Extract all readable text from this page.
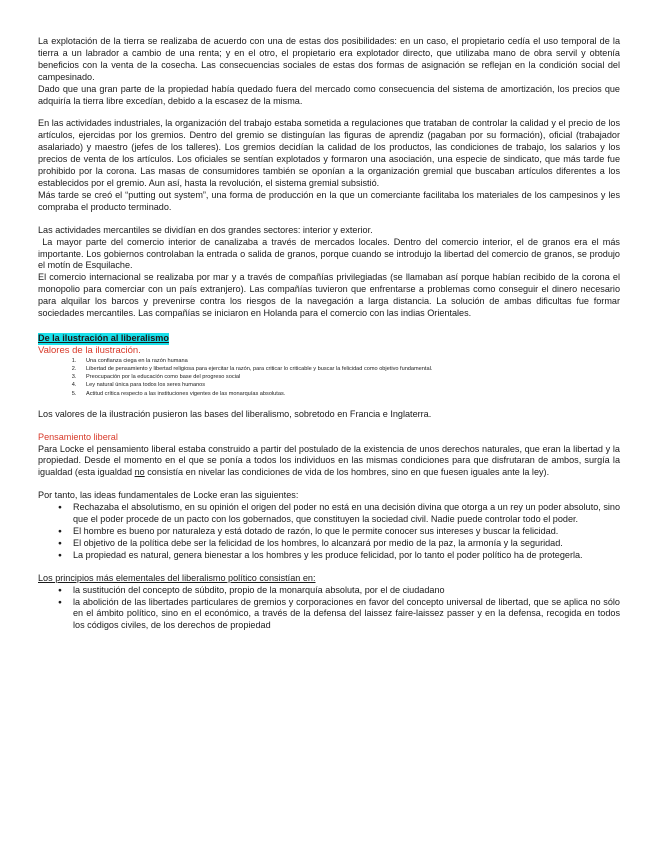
La explotación de la tierra se realizaba de acuerdo con una de estas dos posibilidades: en un caso, el propietario cedía el uso temporal de la tierra a un labrador a cambio de una renta; y en el otro, el propietario era explotador directo, que utilizaba mano de obra servil y obtenía beneficios con la venta de la cosecha. Las consecuencias sociales de estas dos formas de asignación se reflejan en la condición social del campesinado.

Dado que una gran parte de la propiedad había quedado fuera del mercado como consecuencia del sistema de amortización, los precios que adquiría la tierra libre excedían, debido a la escasez de la misma.

En las actividades industriales, la organización del trabajo estaba sometida a regulaciones que trataban de controlar la calidad y el precio de los artículos, ejercidas por los gremios. Dentro del gremio se distinguían las figuras de aprendiz (pagaban por su formación), oficial (trabajador asalariado) y maestro (jefes de los talleres). Los gremios decidían la calidad de los productos, las condiciones de trabajo, los salarios y los precios de venta de los artículos. Los oficiales se sentían explotados y formaron una asociación, una especie de sindicato, que más tarde fue prohibido por la corona. Las masas de consumidores también se oponían a la organización gremial que buscaban artículos diferentes a los establecidos por el gremio. Aun así, hasta la revolución, el sistema gremial subsistió.

Más tarde se creó el “putting out system”, una forma de producción en la que un comerciante facilitaba los materiales de los campesinos y les compraba el producto terminado.

Las actividades mercantiles se dividían en dos grandes sectores: interior y exterior.

La mayor parte del comercio interior de canalizaba a través de mercados locales. Dentro del comercio interior, el de granos era el más importante. Los gobiernos controlaban la entrada o salida de granos, porque cuando se introdujo la libertad del comercio de granos, se produjo el motín de Esquilache.

El comercio internacional se realizaba por mar y a través de compañías privilegiadas (se llamaban así porque habían recibido de la corona el monopolio para comerciar con un país extranjero). Las compañías tuvieron que enfrentarse a problemas como conseguir el dinero necesario para alquilar los barcos y prevenirse contra los riesgos de la navegación a larga distancia. La solución de ambas dificultas fue formar sociedades mercantiles. Las compañías se iniciaron en Holanda para el comercio con las indias Orientales.

De la ilustración al liberalismo
Valores de la ilustración.
1. Una confianza ciega en la razón humana
2. Libertad de pensamiento y libertad religiosa para ejercitar la razón, para criticar lo criticable y buscar la felicidad como objetivo fundamental.
3. Preocupación por la educación como base del progreso social
4. Ley natural única para todos los seres humanos
5. Actitud crítica respecto a las instituciones vigentes de las monarquías absolutas.

Los valores de la ilustración pusieron las bases del liberalismo, sobretodo en Francia e Inglaterra.

Pensamiento liberal

Para Locke el pensamiento liberal estaba construido a partir del postulado de la existencia de unos derechos naturales, que eran la libertad y la propiedad. Desde el momento en el que se ponía a todos los individuos en las mismas condiciones para que disfrutaran de ambos, surgía la igualdad (esta igualdad no consistía en nivelar las condiciones de vida de los hombres, sino en que fuesen iguales ante la ley).

Por tanto, las ideas fundamentales de Locke eran las siguientes:

● Rechazaba el absolutismo, en su opinión el origen del poder no está en una decisión divina que otorga a un rey un poder absoluto, sino que el poder procede de un pacto con los gobernados, que constituyen la sociedad civil. Nadie puede controlar todo el poder.
● El hombre es bueno por naturaleza y está dotado de razón, lo que le permite conocer sus intereses y buscar la felicidad.
● El objetivo de la política debe ser la felicidad de los hombres, lo alcanzará por medio de la paz, la armonía y la seguridad.
● La propiedad es natural, genera bienestar a los hombres y les produce felicidad, por lo tanto el poder político ha de protegerla.
Los principios más elementales del liberalismo político consistían en:
● la sustitución del concepto de súbdito, propio de la monarquía absoluta, por el de ciudadano
● la abolición de las libertades particulares de gremios y corporaciones en favor del concepto universal de libertad, que se aplica no sólo en el ámbito político, sino en el económico, a través de la defensa del laissez faire-laissez passer y en la defensa, recogida en todos los códigos civiles, de los derechos de propiedad
